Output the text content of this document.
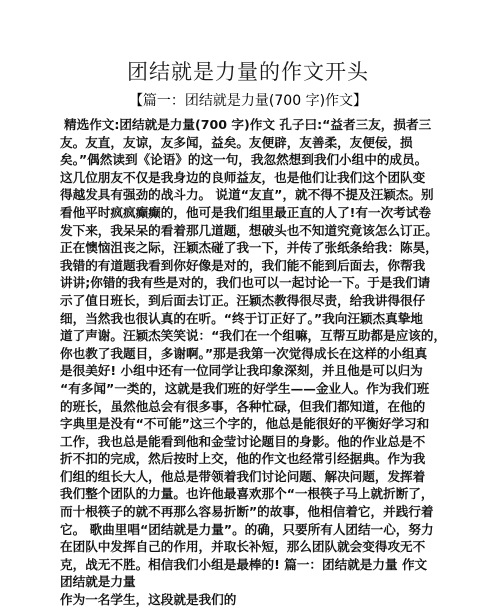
团结就是力量的作文开头

【篇一：团结就是力量(700 字)作文】

精选作文:团结就是力量(700 字)作文 孔子曰:“益者三友，损者三
友。友直，友谅，友多闻，益矣。友便辟，友善柔，友便佞，损
矣。”偶然读到《论语》的这一句，我忽然想到我们小组中的成员。
这几位朋友不仅是我身边的良师益友，也是他们让我们这个团队变
得越发具有强劲的战斗力。 说道“友直”，就不得不提及汪颖杰。别
看他平时疯疯癫癫的，他可是我们组里最正直的人了!有一次考试卷
发下来，我呆呆的看着那几道题，想破头也不知道究竟该怎么订正。
正在懊恼沮丧之际，汪颖杰碰了我一下，并传了张纸条给我：陈昊，
我错的有道题我看到你好像是对的，我们能不能到后面去，你帮我
讲讲;你错的我有些是对的，我们也可以一起讨论一下。于是我们请
示了值日班长，到后面去订正。汪颖杰教得很尽责，给我讲得很仔
细，当然我也很认真的在听。“终于订正好了。”我向汪颖杰真挚地
道了声谢。汪颖杰笑笑说：“我们在一个组嘛，互帮互助都是应该的，
你也教了我题目，多谢啊。”那是我第一次觉得成长在这样的小组真
是很美好! 小组中还有一位同学让我印象深刻，并且他是可以归为
“有多闻”一类的，这就是我们班的好学生——金业人。作为我们班
的班长，虽然他总会有很多事，各种忙碌，但我们都知道，在他的
字典里是没有“不可能”这三个字的，他总是能很好的平衡好学习和
工作，我也总是能看到他和金莹讨论题目的身影。他的作业总是不
折不扣的完成，然后按时上交，他的作文也经常引经据典。作为我
们组的组长大人，他总是带领着我们讨论问题、解决问题，发挥着
我们整个团队的力量。也许他最喜欢那个“一根筷子马上就折断了，
而十根筷子的就不再那么容易折断”的故事，他相信着它，并践行着
它。 歌曲里唱“团结就是力量”。的确，只要所有人团结一心，努力
在团队中发挥自己的作用，并取长补短，那么团队就会变得攻无不
克，战无不胜。相信我们小组是最棒的! 篇一：团结就是力量 作文
团结就是力量
作为一名学生，这段就是我们的
